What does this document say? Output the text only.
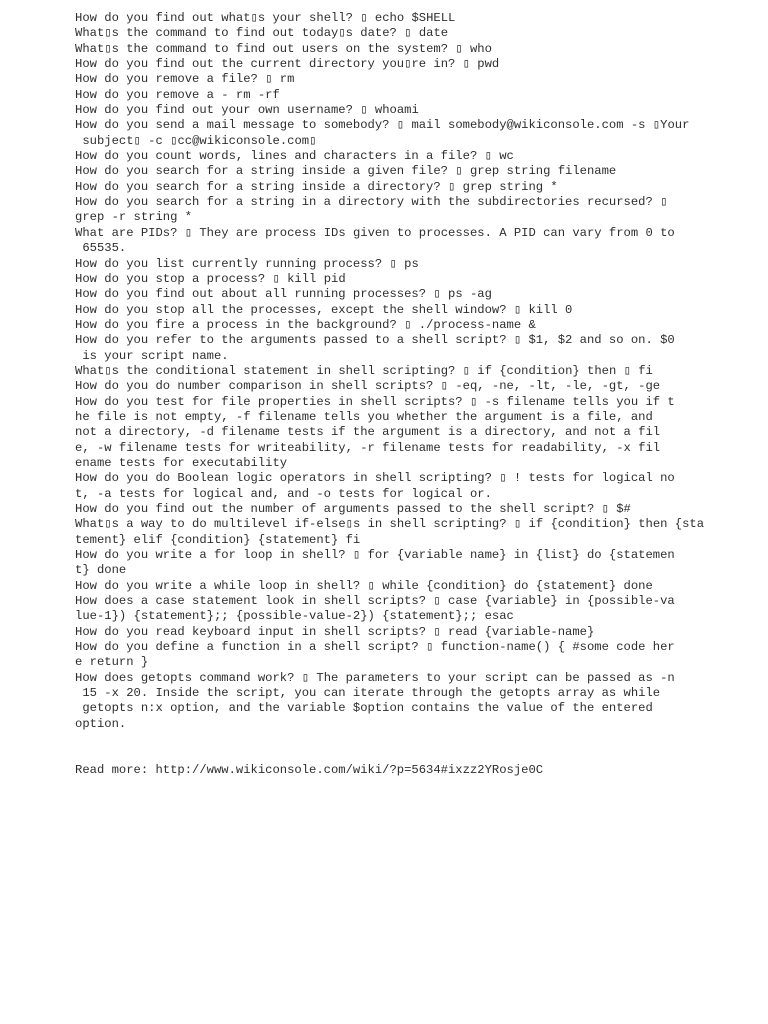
How do you find out what▯s your shell? ▯ echo $SHELL
What▯s the command to find out today▯s date? ▯ date
What▯s the command to find out users on the system? ▯ who
How do you find out the current directory you▯re in? ▯ pwd
How do you remove a file? ▯ rm
How do you remove a - rm -rf
How do you find out your own username? ▯ whoami
How do you send a mail message to somebody? ▯ mail somebody@wikiconsole.com -s ▯Your
subject▯ -c ▯cc@wikiconsole.com▯
How do you count words, lines and characters in a file? ▯ wc
How do you search for a string inside a given file? ▯ grep string filename
How do you search for a string inside a directory? ▯ grep string *
How do you search for a string in a directory with the subdirectories recursed? ▯
grep -r string *
What are PIDs? ▯ They are process IDs given to processes. A PID can vary from 0 to
65535.
How do you list currently running process? ▯ ps
How do you stop a process? ▯ kill pid
How do you find out about all running processes? ▯ ps -ag
How do you stop all the processes, except the shell window? ▯ kill 0
How do you fire a process in the background? ▯ ./process-name &
How do you refer to the arguments passed to a shell script? ▯ $1, $2 and so on. $0
is your script name.
What▯s the conditional statement in shell scripting? ▯ if {condition} then ▯ fi
How do you do number comparison in shell scripts? ▯ -eq, -ne, -lt, -le, -gt, -ge
How do you test for file properties in shell scripts? ▯ -s filename tells you if t
he file is not empty, -f filename tells you whether the argument is a file, and
not a directory, -d filename tests if the argument is a directory, and not a fil
e, -w filename tests for writeability, -r filename tests for readability, -x fil
ename tests for executability
How do you do Boolean logic operators in shell scripting? ▯ ! tests for logical no
t, -a tests for logical and, and -o tests for logical or.
How do you find out the number of arguments passed to the shell script? ▯ $#
What▯s a way to do multilevel if-else▯s in shell scripting? ▯ if {condition} then {sta
tement} elif {condition} {statement} fi
How do you write a for loop in shell? ▯ for {variable name} in {list} do {statemen
t} done
How do you write a while loop in shell? ▯ while {condition} do {statement} done
How does a case statement look in shell scripts? ▯ case {variable} in {possible-va
lue-1}) {statement};; {possible-value-2}) {statement};; esac
How do you read keyboard input in shell scripts? ▯ read {variable-name}
How do you define a function in a shell script? ▯ function-name() { #some code her
e return }
How does getopts command work? ▯ The parameters to your script can be passed as -n
15 -x 20. Inside the script, you can iterate through the getopts array as while
getopts n:x option, and the variable $option contains the value of the entered
option.
Read more: http://www.wikiconsole.com/wiki/?p=5634#ixzz2YRosje0C
